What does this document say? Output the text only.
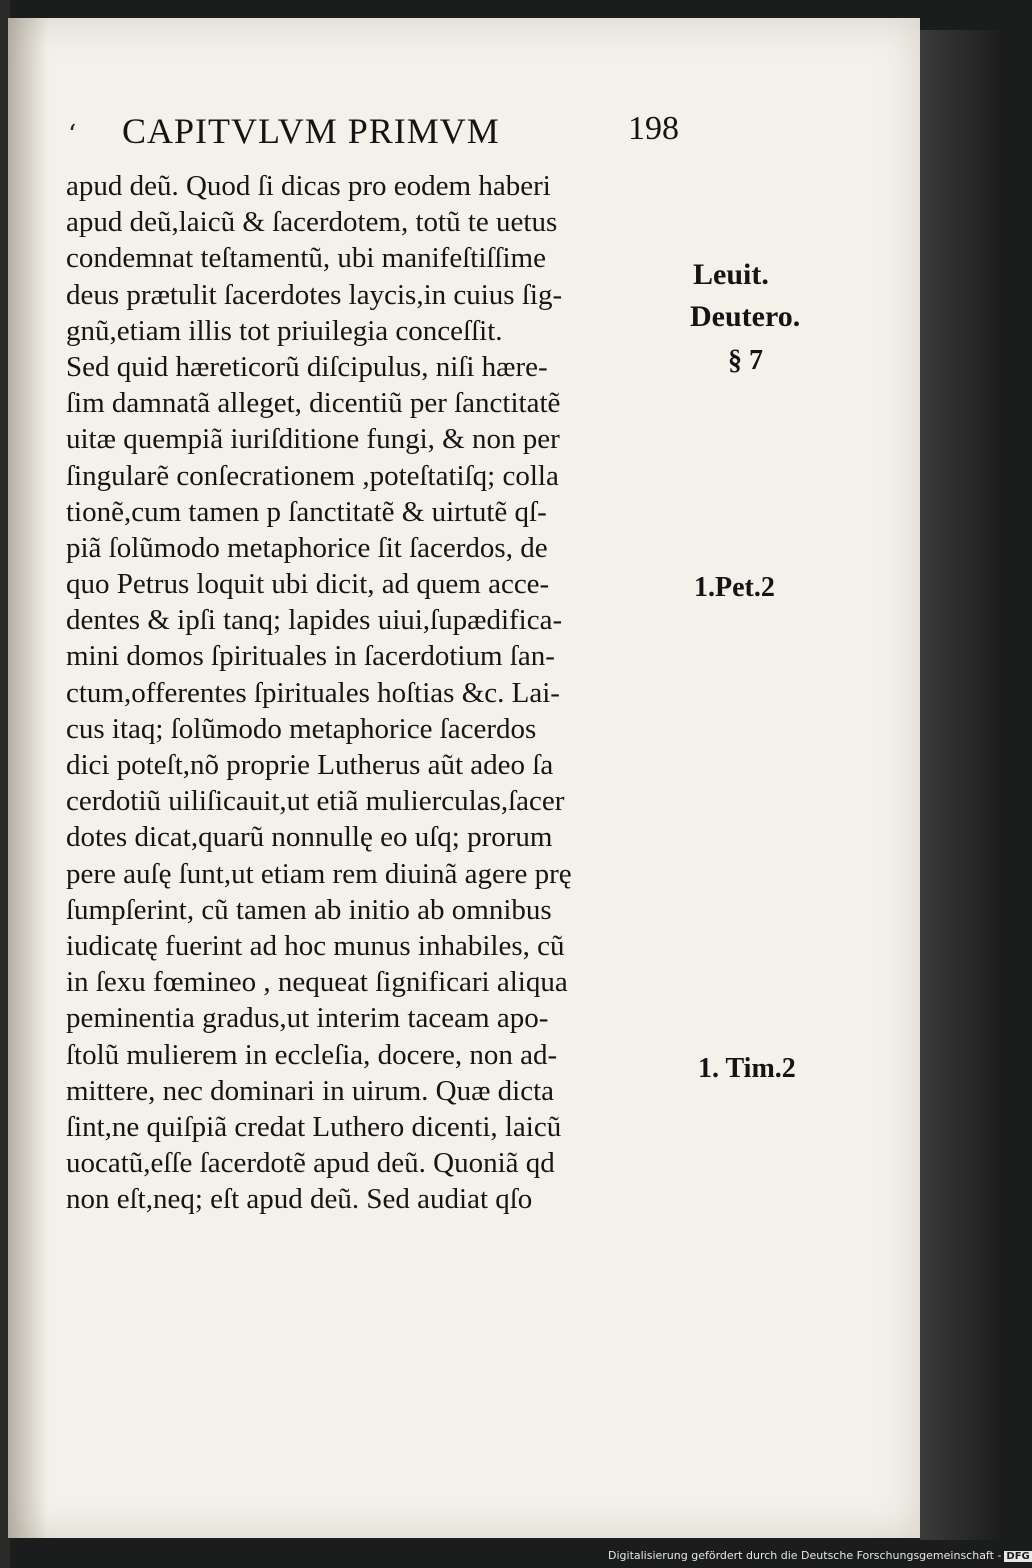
‘ CAPITVLVM PRIMVM	198
apud deũ. Quod ſi dicas pro eodem haberi
apud deũ,laicũ & ſacerdotem, totũ te uetus
condemnat teſtamentũ, ubi manifeſtiſſime
deus prætulit ſacerdotes laycis,in cuius ſig-
gnũ,etiam illis tot priuilegia conceſſit.
Sed quid hæreticorũ diſcipulus, niſi hære-
ſim damnatã alleget, dicentiũ per ſanctitatẽ
uitæ quempiã iuriſditione fungi, & non per
ſingularẽ conſecrationem ,poteſtatiſq; colla
tionẽ,cum tamen p ſanctitatẽ & uirtutẽ qſ-
piã ſolũmodo metaphorice ſit ſacerdos, de
quo Petrus loquit ubi dicit, ad quem acce-
dentes & ipſi tanq; lapides uiui,ſupædifica-
mini domos ſpirituales in ſacerdotium ſan-
ctum,offerentes ſpirituales hoſtias &c. Lai-
cus itaq; ſolũmodo metaphorice ſacerdos
dici poteſt,nõ proprie Lutherus aũt adeo ſa
cerdotiũ uiliſicauit,ut etiã mulierculas,ſacer
dotes dicat,quarũ nonnullę eo uſq; prorum
pere auſę ſunt,ut etiam rem diuinã agere prę
ſumpſerint, cũ tamen ab initio ab omnibus
iudicatę fuerint ad hoc munus inhabiles, cũ
in ſexu fœmineo , nequeat ſignificari aliqua
peminentia gradus,ut interim taceam apo-
ſtolũ mulierem in eccleſia, docere, non ad-
mittere, nec dominari in uirum. Quæ dicta
ſint,ne quiſpiã credat Luthero dicenti, laicũ
uocatũ,eſſe ſacerdotẽ apud deũ. Quoniã qd
non eſt,neq; eſt apud deũ. Sed audiat qſo
Leuit.
Deutero.
§ 7
1.Pet.2
1. Tim.2
Digitalisierung gefördert durch die Deutsche Forschungsgemeinschaft - DFG
